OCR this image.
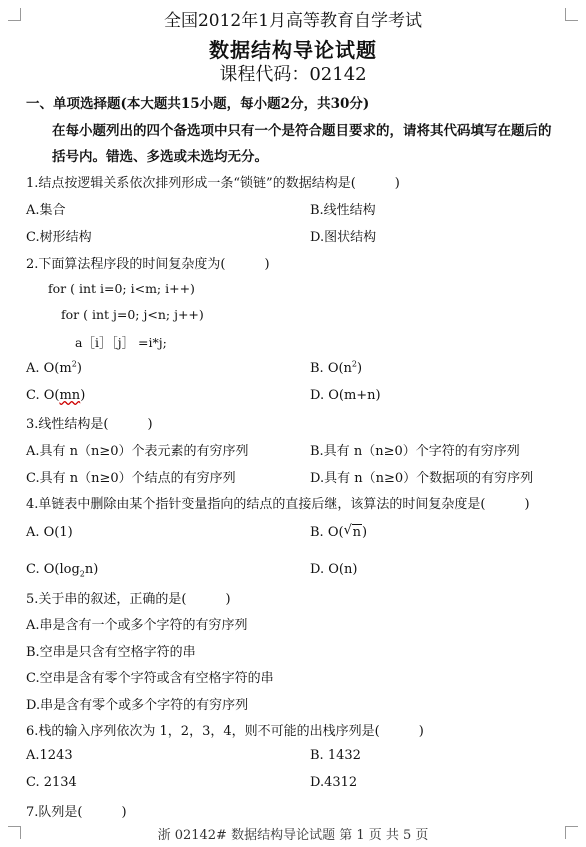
全国2012年1月高等教育自学考试
数据结构导论试题
课程代码：02142
一、单项选择题(本大题共15小题，每小题2分，共30分)
在每小题列出的四个备选项中只有一个是符合题目要求的，请将其代码填写在题后的
括号内。错选、多选或未选均无分。
1.结点按逻辑关系依次排列形成一条“锁链”的数据结构是(　　　)
A.集合	B.线性结构
C.树形结构	D.图状结构
2.下面算法程序段的时间复杂度为(　　　)
for ( int i=0; i<m; i++)
for ( int j=0; j<n; j++)
a［i］［j］ =i*j;
A. $O(m^2)$	B. $O(n^2)$
C. O(mn)	D. O(m+n)
3.线性结构是(　　　)
A.具有 n（n≥0）个表元素的有穷序列	B.具有 n（n≥0）个字符的有穷序列
C.具有 n（n≥0）个结点的有穷序列	D.具有 n（n≥0）个数据项的有穷序列
4.单链表中删除由某个指针变量指向的结点的直接后继，该算法的时间复杂度是(　　　)
A. O(1)	B. O( √ n)
C. $O(\log_2n)$	D. O(n)
5.关于串的叙述，正确的是(　　　)
A.串是含有一个或多个字符的有穷序列
B.空串是只含有空格字符的串
C.空串是含有零个字符或含有空格字符的串
D.串是含有零个或多个字符的有穷序列
6.栈的输入序列依次为 1，2，3，4，则不可能的出栈序列是(　　　)
A.1243	B. 1432
C. 2134	D.4312
7.队列是(　　　)
浙 02142# 数据结构导论试题 第 1 页 共 5 页
